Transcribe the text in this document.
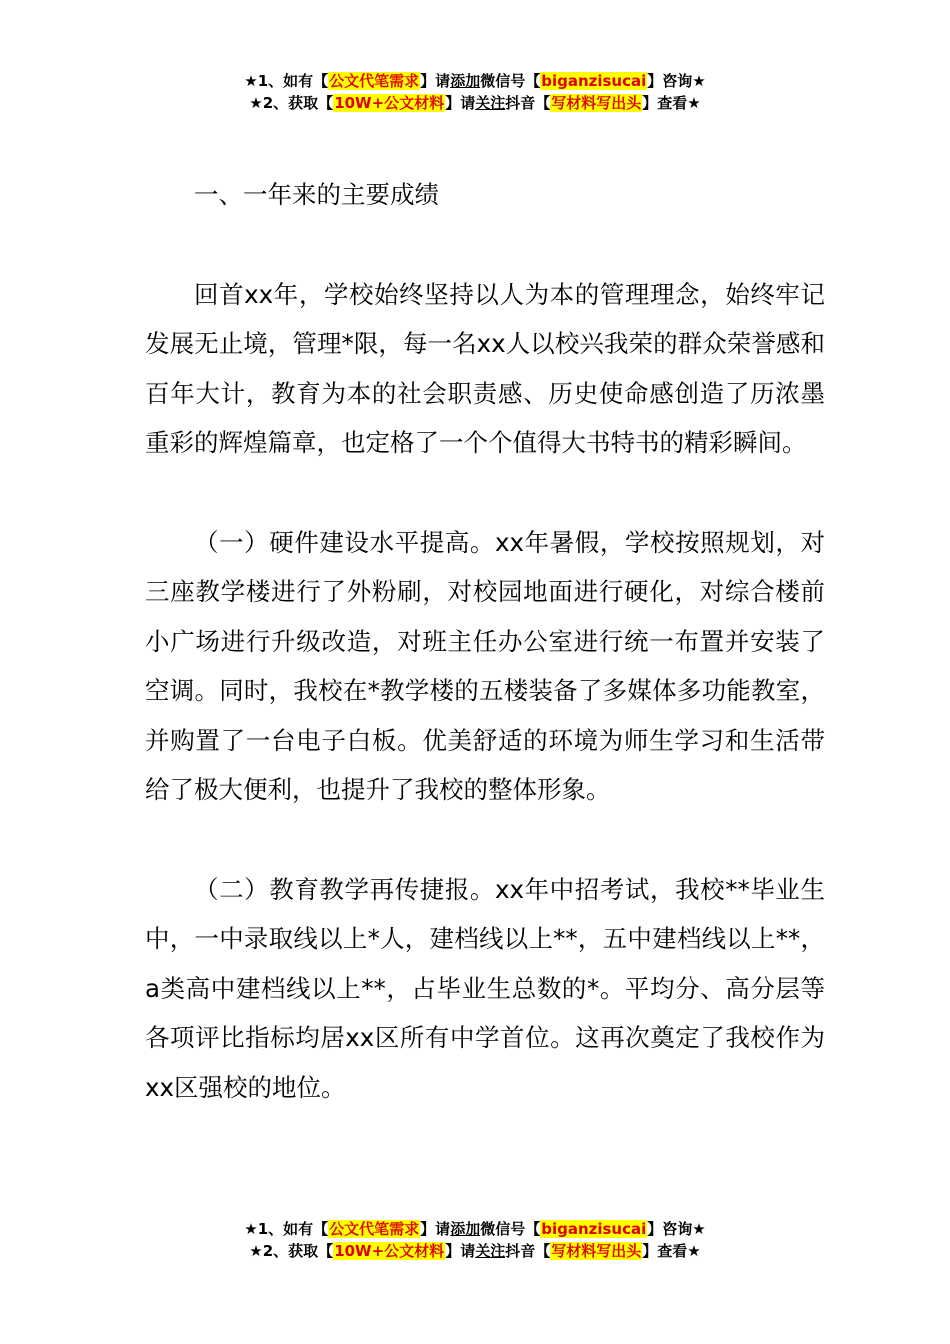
★1、如有【公文代笔需求】请添加微信号【biganzisucai】咨询★
★2、获取【10W+公文材料】请关注抖音【写材料写出头】查看★
一、一年来的主要成绩

回首xx年，学校始终坚持以人为本的管理理念，始终牢记发展无止境，管理*限，每一名xx人以校兴我荣的群众荣誉感和百年大计，教育为本的社会职责感、历史使命感创造了历浓墨重彩的辉煌篇章，也定格了一个个值得大书特书的精彩瞬间。

（一）硬件建设水平提高。xx年暑假，学校按照规划，对三座教学楼进行了外粉刷，对校园地面进行硬化，对综合楼前小广场进行升级改造，对班主任办公室进行统一布置并安装了空调。同时，我校在*教学楼的五楼装备了多媒体多功能教室，并购置了一台电子白板。优美舒适的环境为师生学习和生活带给了极大便利，也提升了我校的整体形象。

（二）教育教学再传捷报。xx年中招考试，我校**毕业生中，一中录取线以上*人，建档线以上**，五中建档线以上**，a类高中建档线以上**，占毕业生总数的*。平均分、高分层等各项评比指标均居xx区所有中学首位。这再次奠定了我校作为xx区强校的地位。

★1、如有【公文代笔需求】请添加微信号【biganzisucai】咨询★
★2、获取【10W+公文材料】请关注抖音【写材料写出头】查看★
